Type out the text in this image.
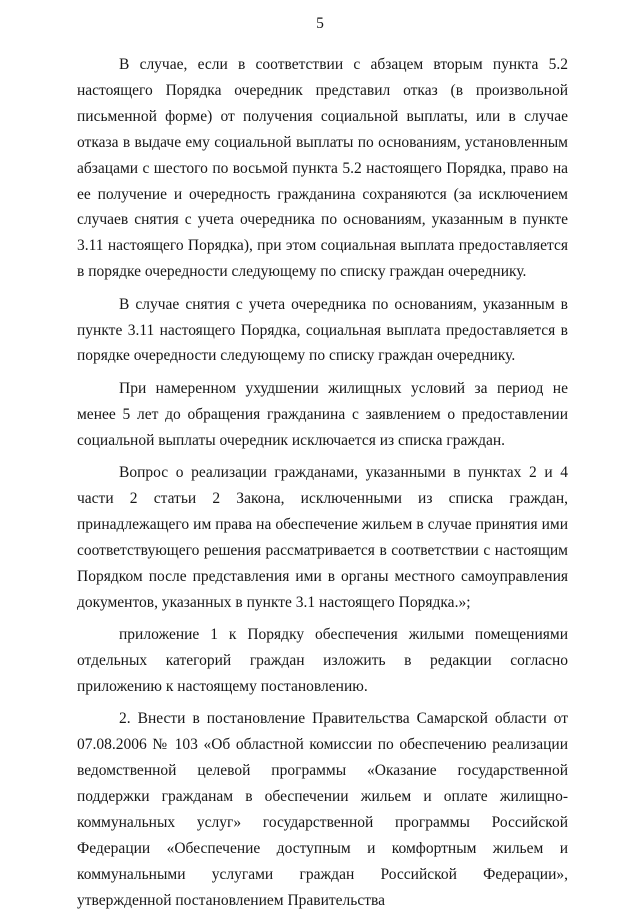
5

В случае, если в соответствии с абзацем вторым пункта 5.2 настоящего Порядка очередник представил отказ (в произвольной письменной форме) от получения социальной выплаты, или в случае отказа в выдаче ему социальной выплаты по основаниям, установленным абзацами с шестого по восьмой пункта 5.2 настоящего Порядка, право на ее получение и очередность гражданина сохраняются (за исключением случаев снятия с учета очередника по основаниям, указанным в пункте 3.11 настоящего Порядка), при этом социальная выплата предоставляется в порядке очередности следующему по списку граждан очереднику.

В случае снятия с учета очередника по основаниям, указанным в пункте 3.11 настоящего Порядка, социальная выплата предоставляется в порядке очередности следующему по списку граждан очереднику.

При намеренном ухудшении жилищных условий за период не менее 5 лет до обращения гражданина с заявлением о предоставлении социальной выплаты очередник исключается из списка граждан.

Вопрос о реализации гражданами, указанными в пунктах 2 и 4 части 2 статьи 2 Закона, исключенными из списка граждан, принадлежащего им права на обеспечение жильем в случае принятия ими соответствующего решения рассматривается в соответствии с настоящим Порядком после представления ими в органы местного самоуправления документов, указанных в пункте 3.1 настоящего Порядка.»;

приложение 1 к Порядку обеспечения жилыми помещениями отдельных категорий граждан изложить в редакции согласно приложению к настоящему постановлению.

2. Внести в постановление Правительства Самарской области от 07.08.2006 № 103 «Об областной комиссии по обеспечению реализации ведомственной целевой программы «Оказание государственной поддержки гражданам в обеспечении жильем и оплате жилищно-коммунальных услуг» государственной программы Российской Федерации «Обеспечение доступным и комфортным жильем и коммунальными услугами граждан Российской Федерации», утвержденной постановлением Правительства
